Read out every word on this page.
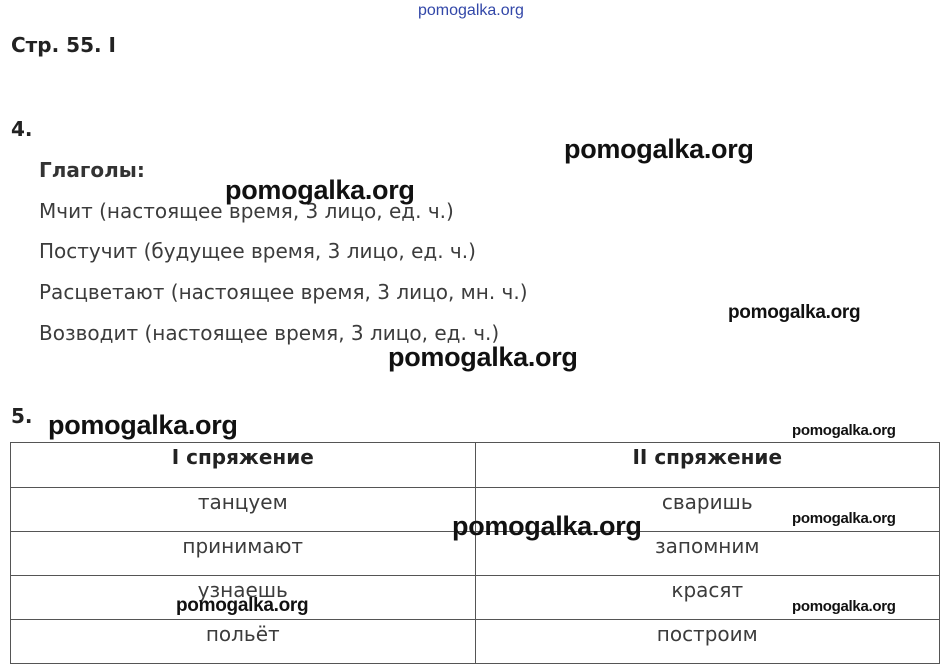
pomogalka.org
Стр. 55. I
4.
Глаголы:
Мчит (настоящее время, 3 лицо, ед. ч.)
Постучит (будущее время, 3 лицо, ед. ч.)
Расцветают (настоящее время, 3 лицо, мн. ч.)
Возводит (настоящее время, 3 лицо, ед. ч.)
5.
I спряжение	II спряжение
танцуем	сваришь
принимают	запомним
узнаешь	красят
польёт	построим
pomogalka.org
pomogalka.org
pomogalka.org
pomogalka.org
pomogalka.org	pomogalka.org
pomogalka.org	pomogalka.org
pomogalka.org	pomogalka.org
